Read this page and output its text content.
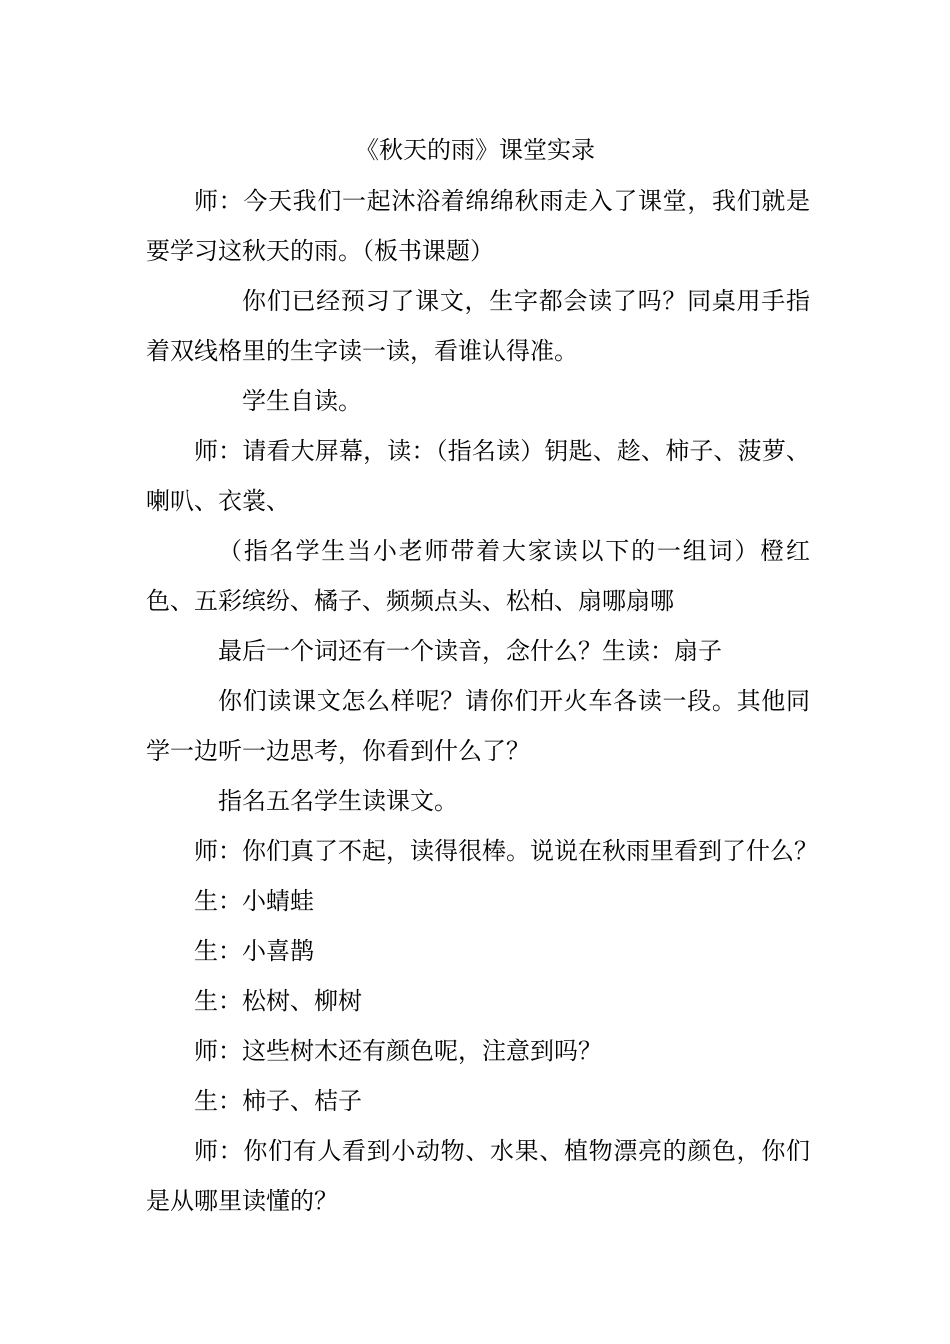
《秋天的雨》课堂实录

师：今天我们一起沐浴着绵绵秋雨走入了课堂，我们就是要学习这秋天的雨。（板书课题）

你们已经预习了课文，生字都会读了吗？同桌用手指着双线格里的生字读一读，看谁认得准。

学生自读。

师：请看大屏幕，读：（指名读）钥匙、趁、柿子、菠萝、喇叭、衣裳、

（指名学生当小老师带着大家读以下的一组词）橙红色、五彩缤纷、橘子、频频点头、松柏、扇哪扇哪

最后一个词还有一个读音，念什么？生读：扇子

你们读课文怎么样呢？请你们开火车各读一段。其他同学一边听一边思考，你看到什么了？

指名五名学生读课文。

师：你们真了不起，读得很棒。说说在秋雨里看到了什么？

生：小蜻蛙

生：小喜鹊

生：松树、柳树

师：这些树木还有颜色呢，注意到吗？

生：柿子、桔子

师：你们有人看到小动物、水果、植物漂亮的颜色，你们是从哪里读懂的？
